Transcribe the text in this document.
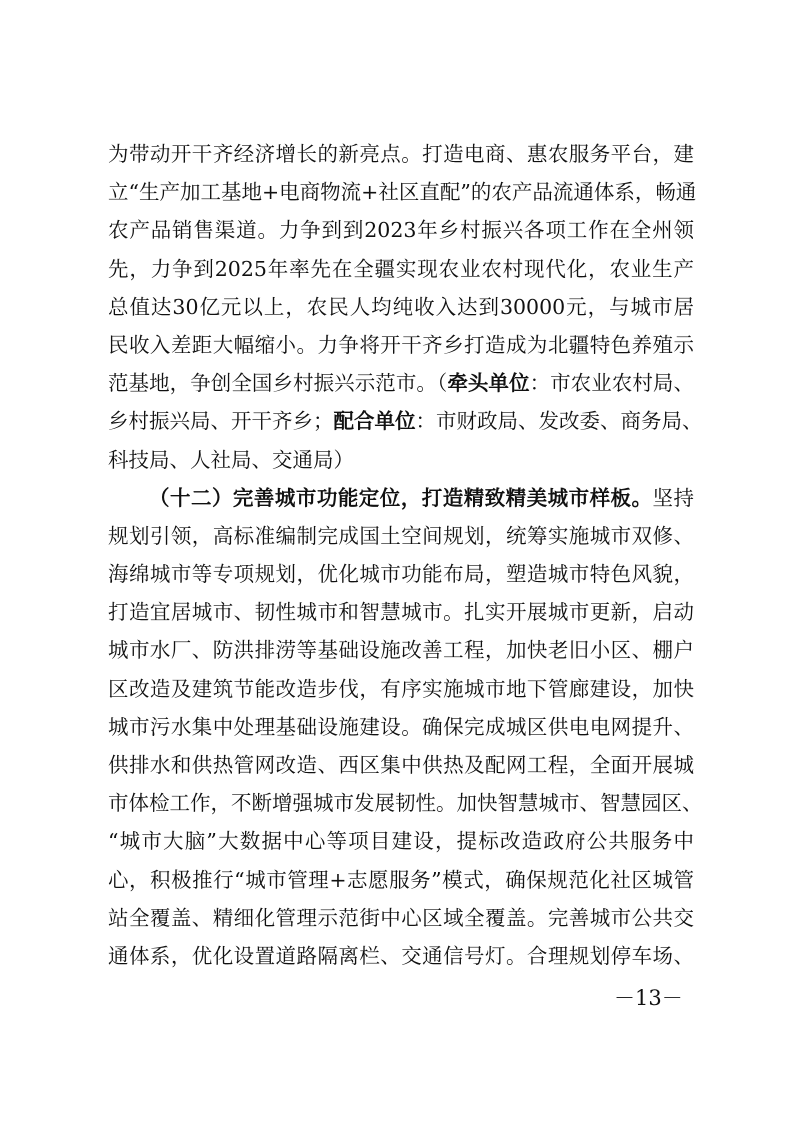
为带动开干齐经济增长的新亮点。打造电商、惠农服务平台，建
立“生产加工基地+电商物流+社区直配”的农产品流通体系，畅通
农产品销售渠道。力争到到2023年乡村振兴各项工作在全州领
先，力争到2025年率先在全疆实现农业农村现代化，农业生产
总值达30亿元以上，农民人均纯收入达到30000元，与城市居
民收入差距大幅缩小。力争将开干齐乡打造成为北疆特色养殖示
范基地，争创全国乡村振兴示范市。（牵头单位：市农业农村局、
乡村振兴局、开干齐乡；配合单位：市财政局、发改委、商务局、
科技局、人社局、交通局）
（十二）完善城市功能定位，打造精致精美城市样板。坚持
规划引领，高标准编制完成国土空间规划，统筹实施城市双修、
海绵城市等专项规划，优化城市功能布局，塑造城市特色风貌，
打造宜居城市、韧性城市和智慧城市。扎实开展城市更新，启动
城市水厂、防洪排涝等基础设施改善工程，加快老旧小区、棚户
区改造及建筑节能改造步伐，有序实施城市地下管廊建设，加快
城市污水集中处理基础设施建设。确保完成城区供电电网提升、
供排水和供热管网改造、西区集中供热及配网工程，全面开展城
市体检工作，不断增强城市发展韧性。加快智慧城市、智慧园区、
“城市大脑”大数据中心等项目建设，提标改造政府公共服务中
心，积极推行“城市管理+志愿服务”模式，确保规范化社区城管
站全覆盖、精细化管理示范街中心区域全覆盖。完善城市公共交
通体系，优化设置道路隔离栏、交通信号灯。合理规划停车场、
－13－
